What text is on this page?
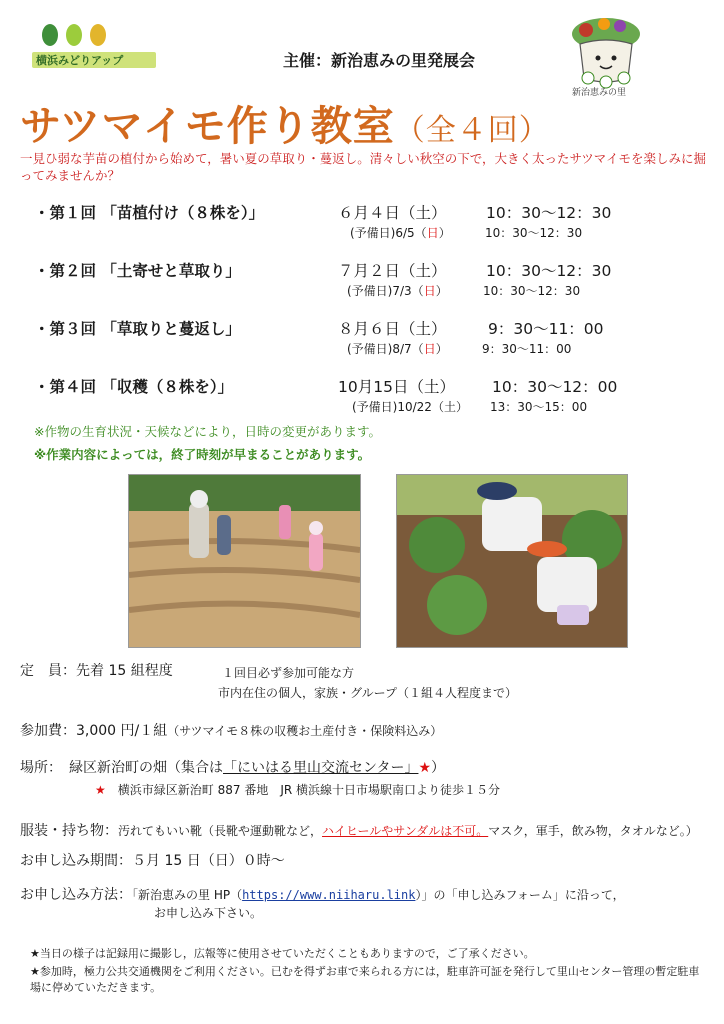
横浜みどりアップ	主催：新治恵みの里発展会
新治恵みの里
サツマイモ作り教室（全４回）
一見ひ弱な芋苗の植付から始めて，暑い夏の草取り・蔓返し。清々しい秋空の下で，大きく太ったサツマイモを楽しみに掘ってみませんか？
・第１回 「苗植付け（８株を）」	６月４日（土）	10：30～12：30
(予備日)6/5（日）	10：30～12：30
・第２回 「土寄せと草取り」	７月２日（土）	10：30～12：30
(予備日)7/3（日）	10：30～12：30
・第３回 「草取りと蔓返し」	８月６日（土）	9：30～11：00
(予備日)8/7（日）	9：30～11：00
・第４回 「収穫（８株を）」	10月15日（土） 10：30～12：00
(予備日)10/22（土） 13：30～15：00
※作物の生育状況・天候などにより，日時の変更があります。
※作業内容によっては，終了時刻が早まることがあります。
定　員：先着 15 組程度	１回目必ず参加可能な方
市内在住の個人，家族・グループ（１組４人程度まで）
参加費：3,000 円/１組（サツマイモ８株の収穫お土産付き・保険料込み）
場所：　緑区新治町の畑（集合は「にいはる里山交流センター」★）
★　 横浜市緑区新治町 887 番地　JR 横浜線十日市場駅南口より徒歩１５分
服装・持ち物：汚れてもいい靴（長靴や運動靴など，ハイヒールやサンダルは不可。マスク，軍手，飲み物，タオルなど。）
お申し込み期間：５月 15 日（日）０時～
お申し込み方法：「新治恵みの里 HP（https://www.niiharu.link）」の「申し込みフォーム」に沿って，
お申し込み下さい。
★当日の様子は記録用に撮影し，広報等に使用させていただくこともありますので，ご了承ください。
★参加時，極力公共交通機関をご利用ください。已むを得ずお車で来られる方には，駐車許可証を発行して里山センター管理の暫定駐車場に停めていただきます。
